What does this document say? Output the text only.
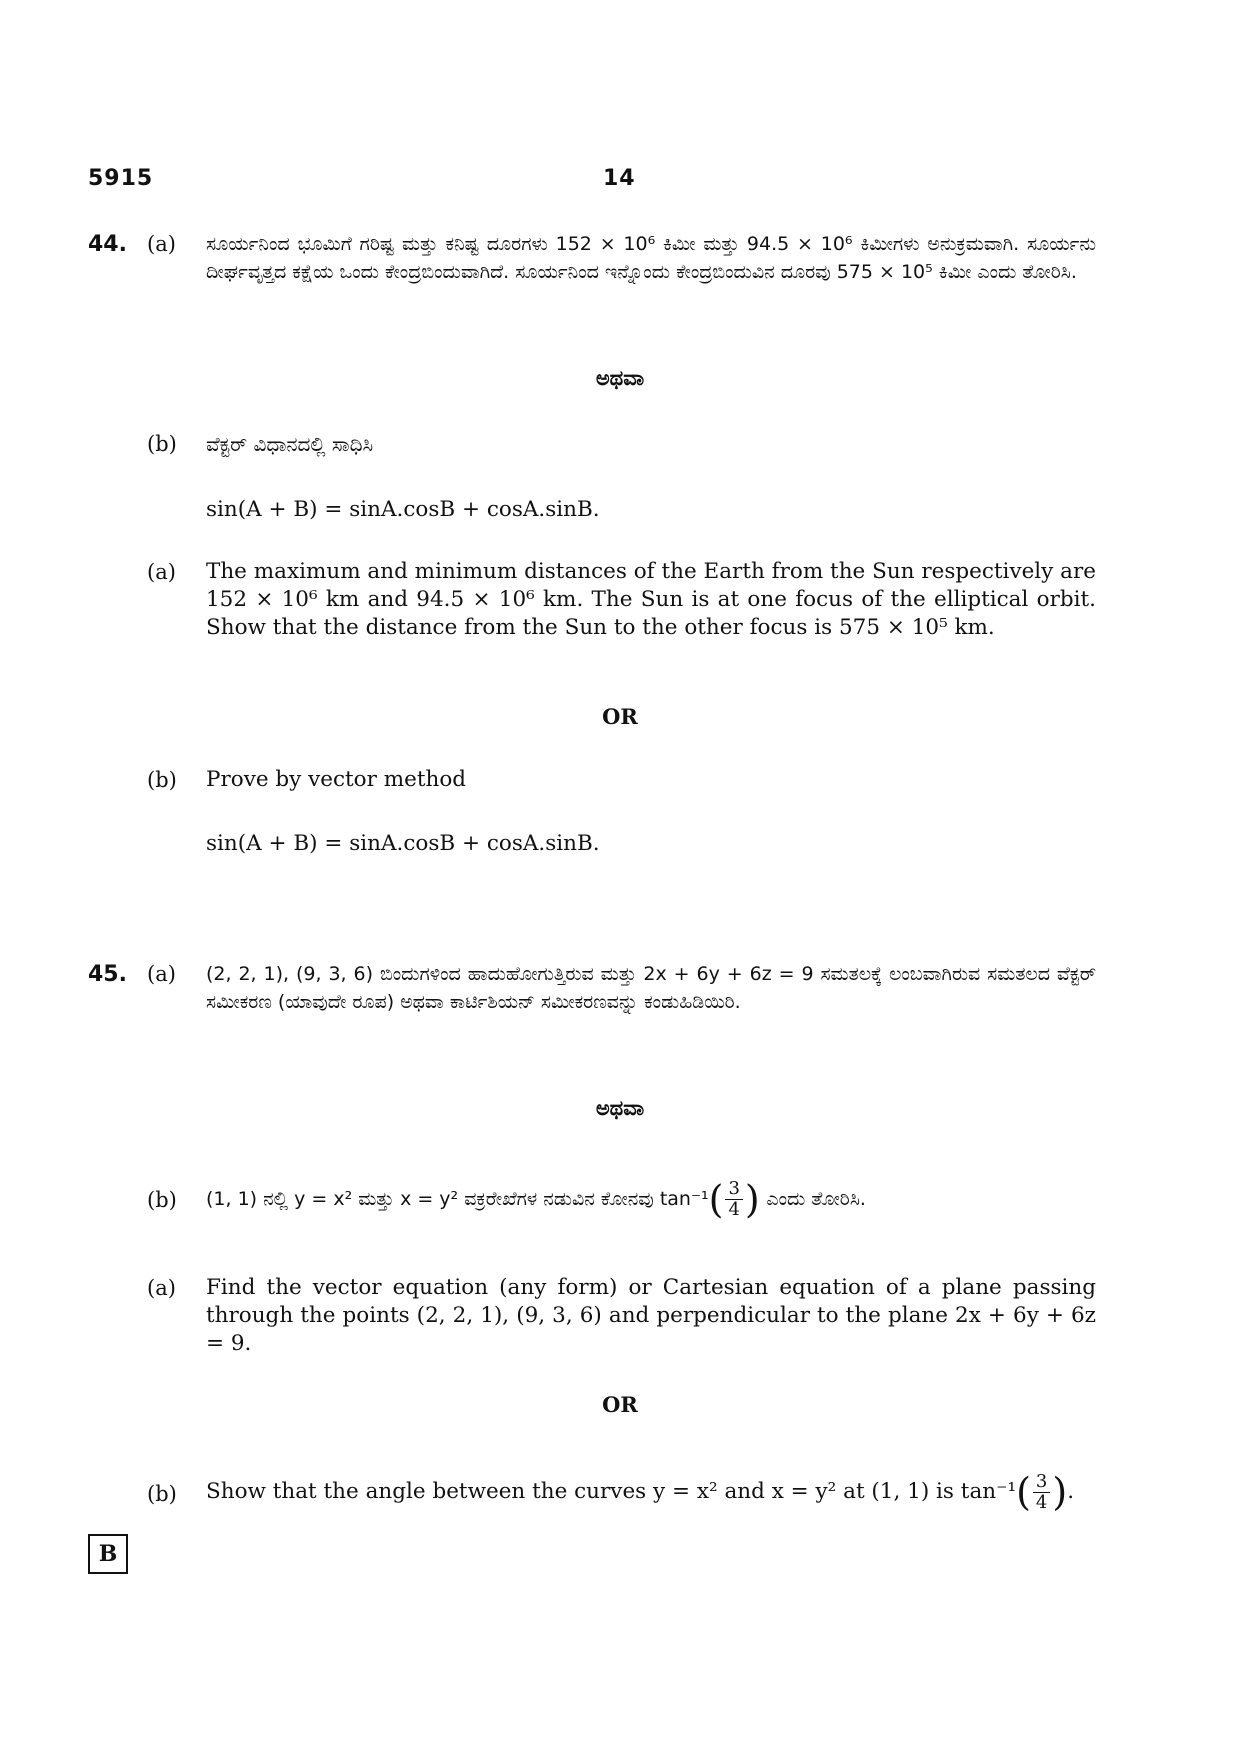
5915	14
44. (a) ಸೂರ್ಯನಿಂದ ಭೂಮಿಗೆ ಗರಿಷ್ಟ ಮತ್ತು ಕನಿಷ್ಟ ದೂರಗಳು 152 × 10⁶ ಕಿಮೀ ಮತ್ತು 94.5 × 10⁶ ಕಿಮೀಗಳು ಅನುಕ್ರಮವಾಗಿ. ಸೂರ್ಯನು ದೀರ್ಘವೃತ್ತದ ಕಕ್ಷೆಯ ಒಂದು ಕೇಂದ್ರಬಿಂದುವಾಗಿದೆ. ಸೂರ್ಯನಿಂದ ಇನ್ನೊಂದು ಕೇಂದ್ರಬಿಂದುವಿನ ದೂರವು 575 × 10⁵ ಕಿಮೀ ಎಂದು ತೋರಿಸಿ.
ಅಥವಾ
(b) ವೆಕ್ಟರ್ ವಿಧಾನದಲ್ಲಿ ಸಾಧಿಸಿ
sin(A + B) = sinA.cosB + cosA.sinB.
(a) The maximum and minimum distances of the Earth from the Sun respectively are 152 × 10⁶ km and 94.5 × 10⁶ km. The Sun is at one focus of the elliptical orbit. Show that the distance from the Sun to the other focus is 575 × 10⁵ km.
OR
(b) Prove by vector method
sin(A + B) = sinA.cosB + cosA.sinB.
45. (a) (2, 2, 1), (9, 3, 6) ಬಿಂದುಗಳಿಂದ ಹಾದುಹೋಗುತ್ತಿರುವ ಮತ್ತು 2x + 6y + 6z = 9 ಸಮತಲಕ್ಕೆ ಲಂಬವಾಗಿರುವ ಸಮತಲದ ವೆಕ್ಟರ್ ಸಮೀಕರಣ (ಯಾವುದೇ ರೂಪ) ಅಥವಾ ಕಾರ್ಟಿಶಿಯನ್ ಸಮೀಕರಣವನ್ನು ಕಂಡುಹಿಡಿಯಿರಿ.
ಅಥವಾ
(b) (1, 1) ನಲ್ಲಿ y = x² ಮತ್ತು x = y² ವಕ್ರರೇಖೆಗಳ ನಡುವಿನ ಕೋನವು $\tan^{-1}( \frac{3}{4}$ ) ಎಂದು ತೋರಿಸಿ.
(a) Find the vector equation (any form) or Cartesian equation of a plane passing through the points (2, 2, 1), (9, 3, 6) and perpendicular to the plane 2x + 6y + 6z = 9.
OR
(b) Show that the angle between the curves y = x² and x = y² at (1, 1) is $\tan^{-1}( \frac{3}{4}$ ).
B
